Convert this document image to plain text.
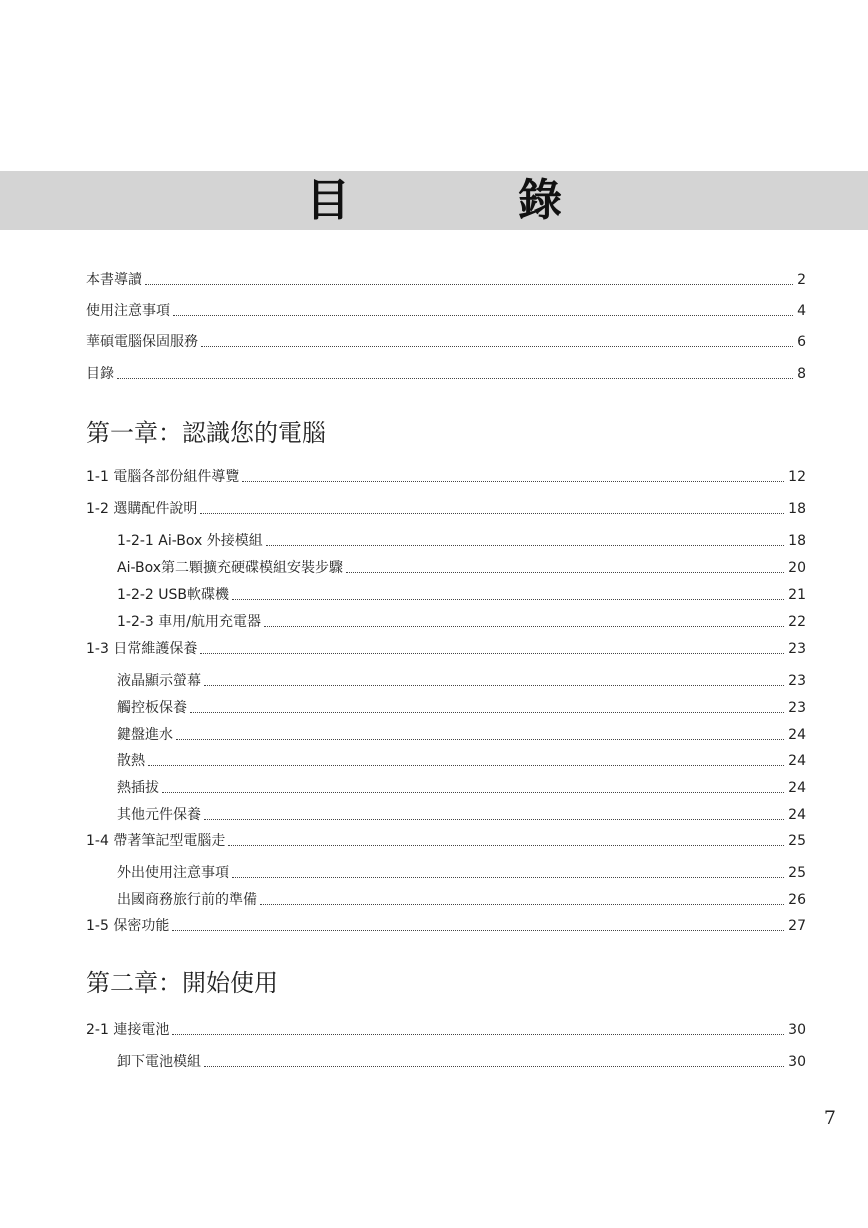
目　錄
本書導讀	2
使用注意事項	4
華碩電腦保固服務	6
目錄	8
第一章：認識您的電腦
1-1 電腦各部份組件導覽	12
1-2 選購配件說明	18
1-2-1 Ai-Box 外接模組	18
Ai-Box第二顆擴充硬碟模組安裝步驟	20
1-2-2 USB軟碟機	21
1-2-3 車用/航用充電器	22
1-3 日常維護保養	23
液晶顯示螢幕	23
觸控板保養	23
鍵盤進水	24
散熱	24
熱插拔	24
其他元件保養	24
1-4 帶著筆記型電腦走	25
外出使用注意事項	25
出國商務旅行前的準備	26
1-5 保密功能	27
第二章：開始使用
2-1 連接電池	30
卸下電池模組	30
7
